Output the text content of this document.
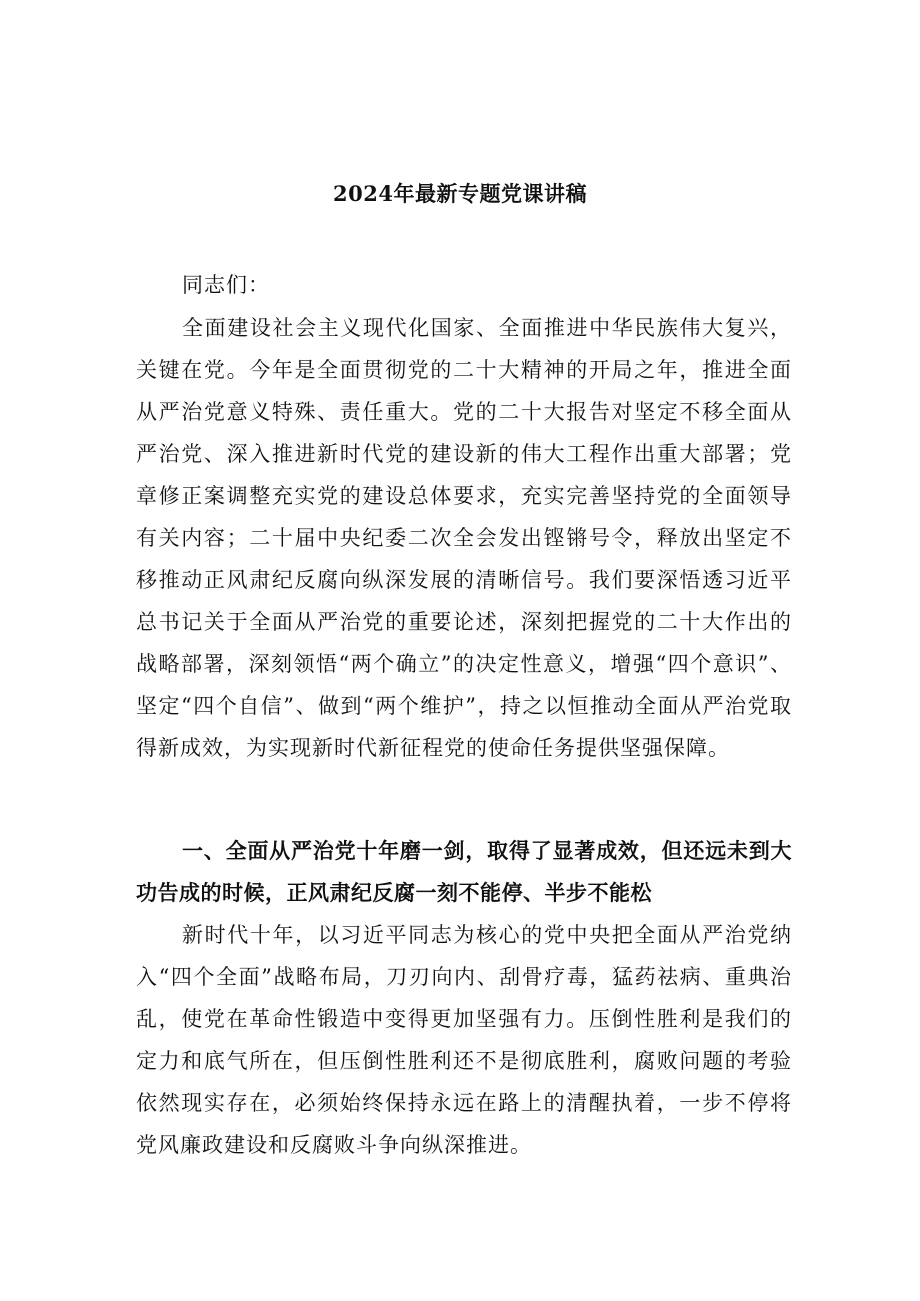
2024年最新专题党课讲稿
同志们：
全面建设社会主义现代化国家、全面推进中华民族伟大复兴，关键在党。今年是全面贯彻党的二十大精神的开局之年，推进全面从严治党意义特殊、责任重大。党的二十大报告对坚定不移全面从严治党、深入推进新时代党的建设新的伟大工程作出重大部署；党章修正案调整充实党的建设总体要求，充实完善坚持党的全面领导有关内容；二十届中央纪委二次全会发出铿锵号令，释放出坚定不移推动正风肃纪反腐向纵深发展的清晰信号。我们要深悟透习近平总书记关于全面从严治党的重要论述，深刻把握党的二十大作出的战略部署，深刻领悟“两个确立”的决定性意义，增强“四个意识”、坚定“四个自信”、做到“两个维护”，持之以恒推动全面从严治党取得新成效，为实现新时代新征程党的使命任务提供坚强保障。
一、全面从严治党十年磨一剑，取得了显著成效，但还远未到大功告成的时候，正风肃纪反腐一刻不能停、半步不能松
新时代十年，以习近平同志为核心的党中央把全面从严治党纳入“四个全面”战略布局，刀刃向内、刮骨疗毒，猛药祛病、重典治乱，使党在革命性锻造中变得更加坚强有力。压倒性胜利是我们的定力和底气所在，但压倒性胜利还不是彻底胜利，腐败问题的考验依然现实存在，必须始终保持永远在路上的清醒执着，一步不停将党风廉政建设和反腐败斗争向纵深推进。
